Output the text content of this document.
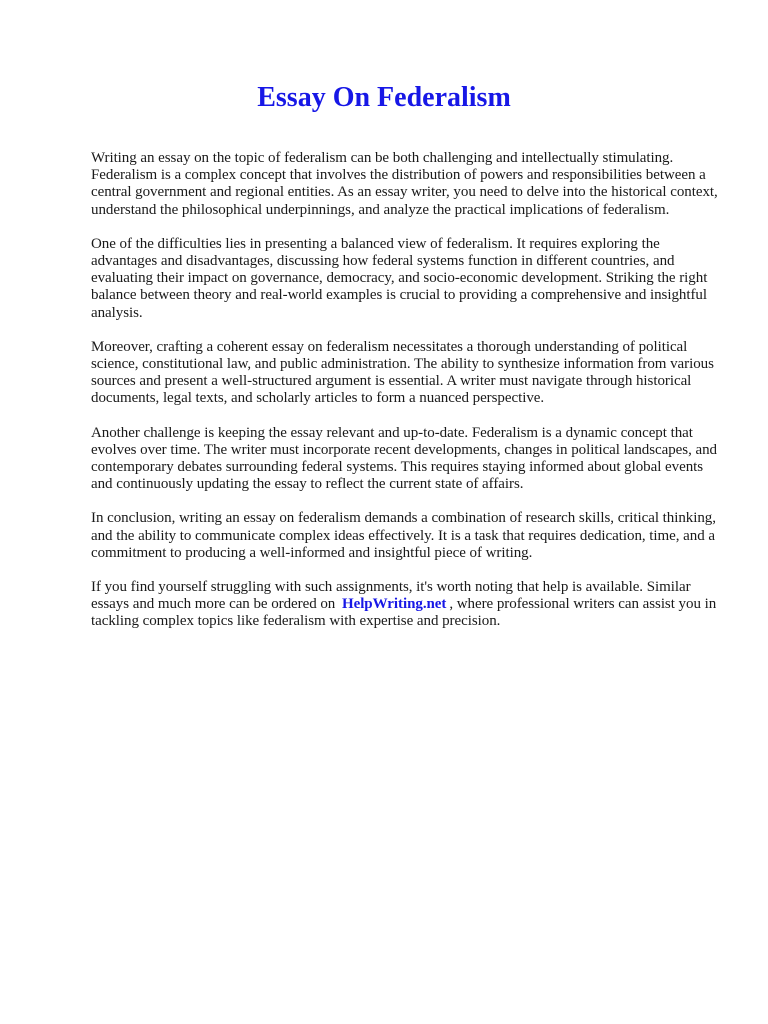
Essay On Federalism

Writing an essay on the topic of federalism can be both challenging and intellectually stimulating. Federalism is a complex concept that involves the distribution of powers and responsibilities between a central government and regional entities. As an essay writer, you need to delve into the historical context, understand the philosophical underpinnings, and analyze the practical implications of federalism.

One of the difficulties lies in presenting a balanced view of federalism. It requires exploring the advantages and disadvantages, discussing how federal systems function in different countries, and evaluating their impact on governance, democracy, and socio-economic development. Striking the right balance between theory and real-world examples is crucial to providing a comprehensive and insightful analysis.

Moreover, crafting a coherent essay on federalism necessitates a thorough understanding of political science, constitutional law, and public administration. The ability to synthesize information from various sources and present a well-structured argument is essential. A writer must navigate through historical documents, legal texts, and scholarly articles to form a nuanced perspective.

Another challenge is keeping the essay relevant and up-to-date. Federalism is a dynamic concept that evolves over time. The writer must incorporate recent developments, changes in political landscapes, and contemporary debates surrounding federal systems. This requires staying informed about global events and continuously updating the essay to reflect the current state of affairs.

In conclusion, writing an essay on federalism demands a combination of research skills, critical thinking, and the ability to communicate complex ideas effectively. It is a task that requires dedication, time, and a commitment to producing a well-informed and insightful piece of writing.

If you find yourself struggling with such assignments, it's worth noting that help is available. Similar essays and much more can be ordered on HelpWriting.net , where professional writers can assist you in tackling complex topics like federalism with expertise and precision.
